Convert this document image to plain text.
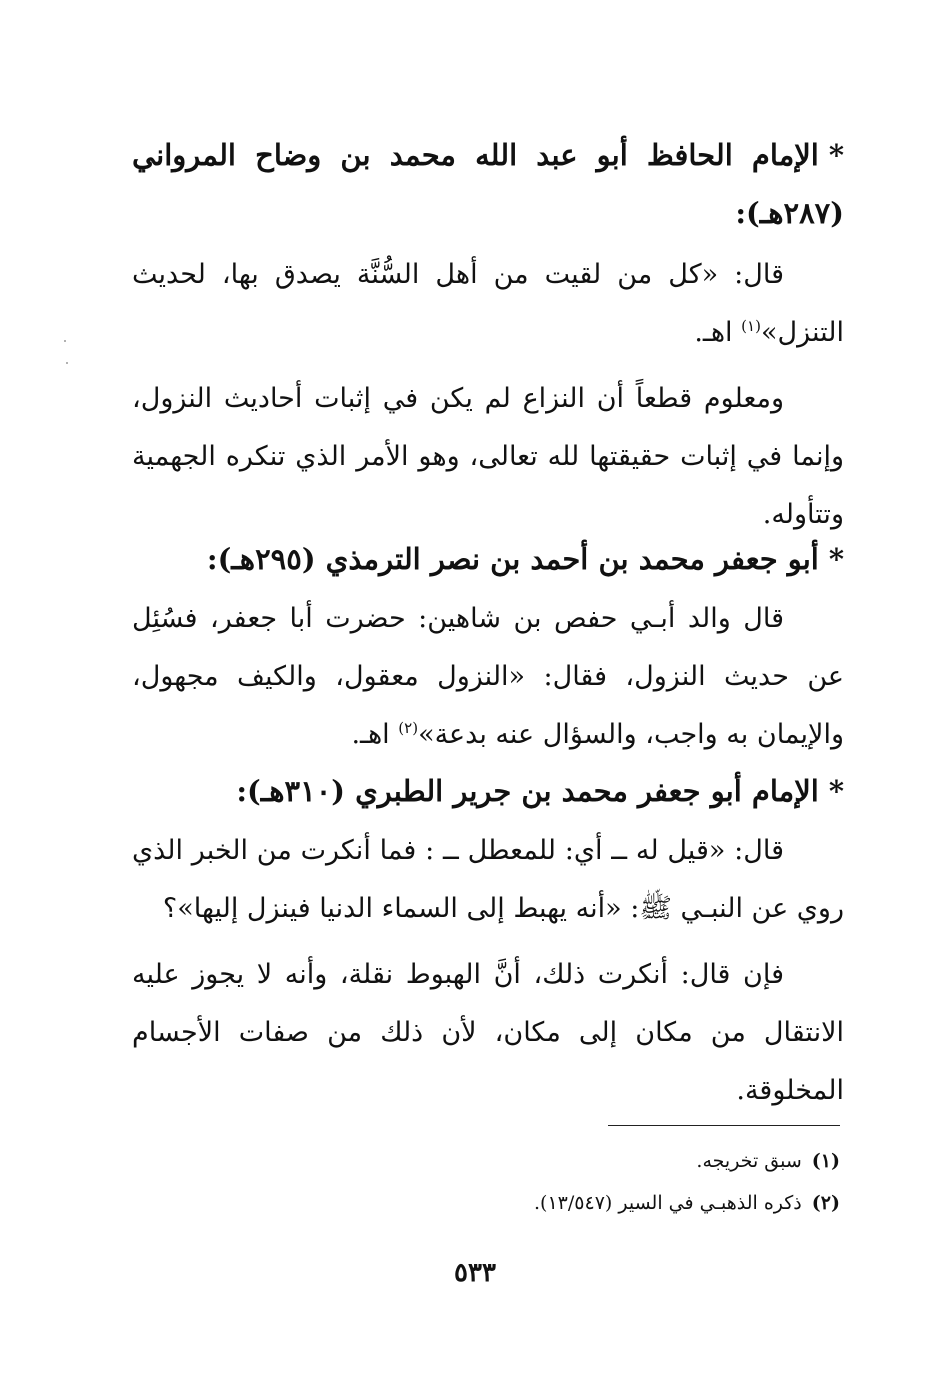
*الإمام الحافظ أبو عبد الله محمد بن وضاح المرواني (٢٨٧هـ):

قال: «كل من لقيت من أهل السُّنَّة يصدق بها، لحديث التنزل»$^{(١)}$ اهـ.

ومعلوم قطعاً أن النزاع لم يكن في إثبات أحاديث النزول، وإنما في إثبات حقيقتها لله تعالى، وهو الأمر الذي تنكره الجهمية وتتأوله.

*أبو جعفر محمد بن أحمد بن نصر الترمذي (٢٩٥هـ):

قال والد أبـي حفص بن شاهين: حضرت أبا جعفر، فسُئِل عن حديث النزول، فقال: «النزول معقول، والكيف مجهول، والإيمان به واجب، والسؤال عنه بدعة»$^{(٢)}$ اهـ.

*الإمام أبو جعفر محمد بن جرير الطبري (٣١٠هـ):

قال: «قيل له ــ أي: للمعطل ــ : فما أنكرت من الخبر الذي روي عن النبـي ﷺ: «أنه يهبط إلى السماء الدنيا فينزل إليها»؟

فإن قال: أنكرت ذلك، أنَّ الهبوط نقلة، وأنه لا يجوز عليه الانتقال من مكان إلى مكان، لأن ذلك من صفات الأجسام المخلوقة.

(١)سبق تخريجه.
(٢)ذكره الذهبـي في السير (١٣/٥٤٧).
٥٣٣
